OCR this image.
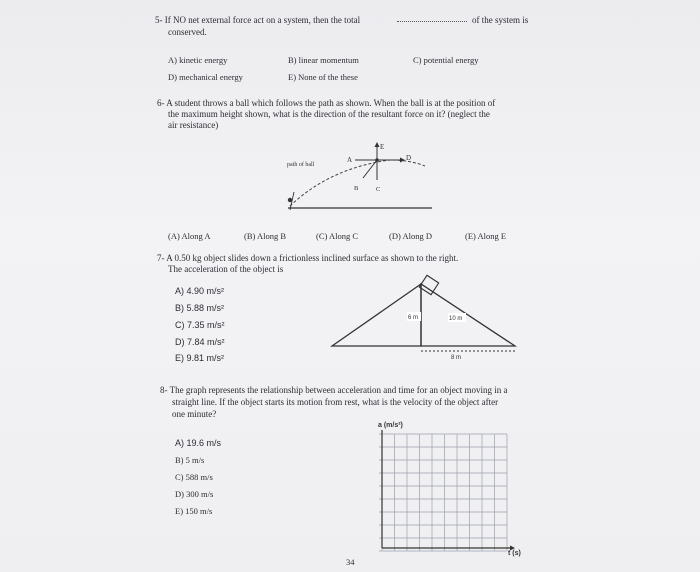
5- If NO net external force act on a system, then the total	of the system is
conserved.
A) kinetic energy	B) linear momentum	C) potential energy
D) mechanical energy	E) None of the these
6- A student throws a ball which follows the path as shown. When the ball is at the position of
the maximum height shown, what is the direction of the resultant force on it? (neglect the
air resistance)
path of ball
A
B	C
D
E
(A) Along A	(B) Along B	(C) Along C	(D) Along D	(E) Along E
7- A 0.50 kg object slides down a frictionless inclined surface as shown to the right.
The acceleration of the object is
A) 4.90 m/s²
B) 5.88 m/s²
C) 7.35 m/s²
D) 7.84 m/s²
E) 9.81 m/s²
6 m	10 m
8 m
8- The graph represents the relationship between acceleration and time for an object moving in a
straight line. If the object starts its motion from rest, what is the velocity of the object after
one minute?
A) 19.6 m/s
B) 5 m/s
C) 588 m/s
D) 300 m/s
E) 150 m/s
a (m/s²)
t (s)
34
